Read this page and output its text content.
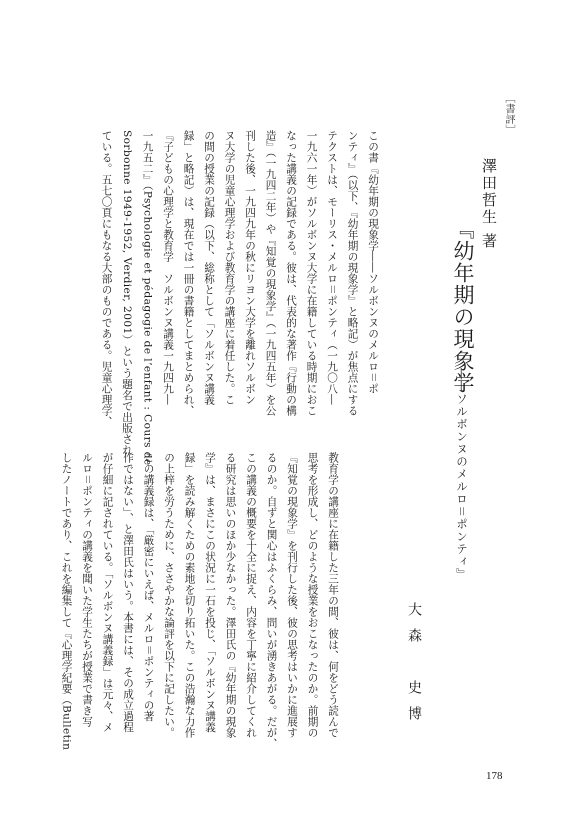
［書評］
澤田哲生 著
『幼年期の現象学
――ソルボンヌのメルロ＝ポンティ』
大森　史博
この書『幼年期の現象学――ソルボンヌのメルロ＝ポ
ンティ』（以下、『幼年期の現象学』と略記）が焦点にする
テクストは、モーリス・メルロ＝ポンティ（一九〇八―
一九六一年）がソルボンヌ大学に在籍している時期におこ
なった講義の記録である。彼は、代表的な著作『行動の構
造』（一九四二年）や『知覚の現象学』（一九四五年）を公
刊した後、一九四九年の秋にリヨン大学を離れソルボン
ヌ大学の児童心理学および教育学の講座に着任した。こ
の間の授業の記録（以下、総称として「ソルボンヌ講義
録」と略記）は、現在では一冊の書籍としてまとめられ、
『子どもの心理学と教育学　ソルボンヌ講義一九四九―
一九五二』（Psychologie et pédagogie de l’enfant : Cours de
Sorbonne 1949-1952, Verdier, 2001）という題名で出版され
ている。五七〇頁にもなる大部のものである。児童心理学、
教育学の講座に在籍した三年の間、彼は、何をどう読んで
思考を形成し、どのような授業をおこなったのか。前期の
『知覚の現象学』を刊行した後、彼の思考はいかに進展す
るのか。自ずと関心はふくらみ、問いが湧きあがる。だが、
この講義の概要を十全に捉え、内容を丁寧に紹介してくれ
る研究は思いのほか少なかった。澤田氏の『幼年期の現象
学』は、まさにこの状況に一石を投じ、「ソルボンヌ講義
録」を読み解くための素地を切り拓いた。この浩瀚な力作
の上梓を労うために、ささやかな論評を以下に記したい。
この講義録は、「厳密にいえば、メルロ＝ポンティの著
作ではない」、と澤田氏はいう。本書には、その成立過程
が仔細に記されている。「ソルボンヌ講義録」は元々、メ
ルロ＝ポンティの講義を聞いた学生たちが授業で書き写
したノートであり、これを編集して『心理学紀要（Bulletin
178
